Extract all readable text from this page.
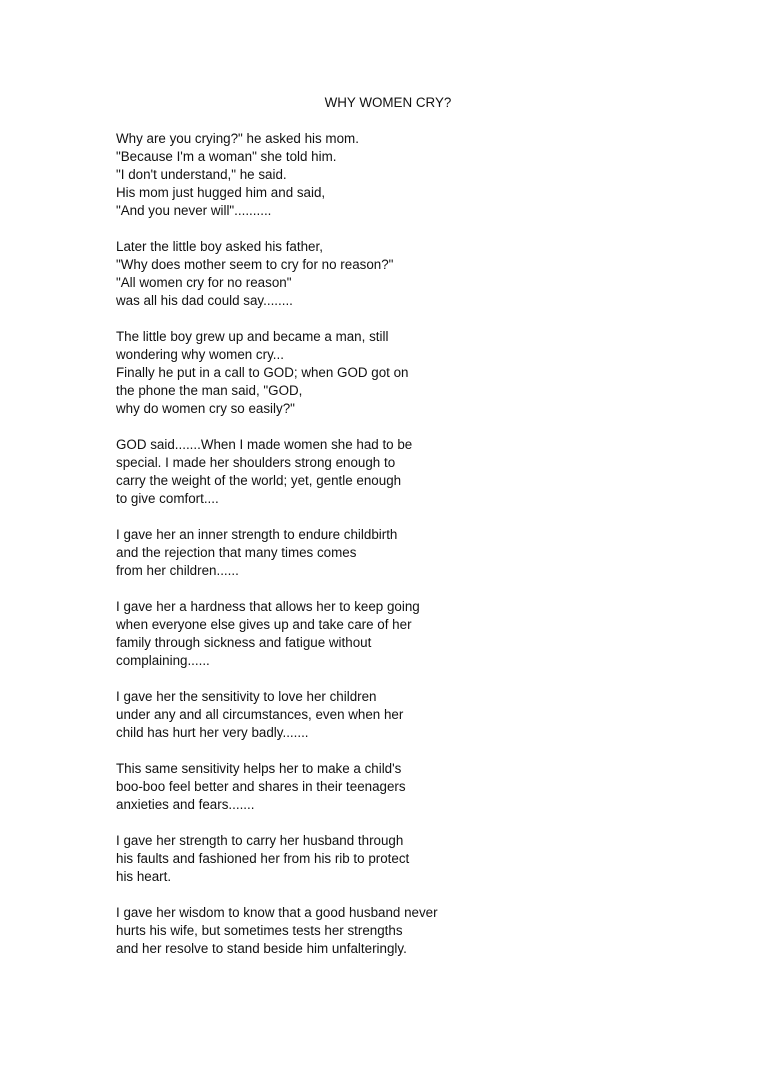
WHY WOMEN CRY?

Why are you crying?" he asked his mom.
"Because I'm a woman" she told him.
"I don't understand," he said.
His mom just hugged him and said,
"And you never will"..........

Later the little boy asked his father,
"Why does mother seem to cry for no reason?"
"All women cry for no reason"
was all his dad could say........

The little boy grew up and became a man, still
wondering why women cry...
Finally he put in a call to GOD; when GOD got on
the phone the man said, "GOD,
why do women cry so easily?"

GOD said.......When I made women she had to be
special. I made her shoulders strong enough to
carry the weight of the world; yet, gentle enough
to give comfort....

I gave her an inner strength to endure childbirth
and the rejection that many times comes
from her children......

I gave her a hardness that allows her to keep going
when everyone else gives up and take care of her
family through sickness and fatigue without
complaining......

I gave her the sensitivity to love her children
under any and all circumstances, even when her
child has hurt her very badly.......

This same sensitivity helps her to make a child's
boo-boo feel better and shares in their teenagers
anxieties and fears.......

I gave her strength to carry her husband through
his faults and fashioned her from his rib to protect
his heart.

I gave her wisdom to know that a good husband never
hurts his wife, but sometimes tests her strengths
and her resolve to stand beside him unfalteringly.
